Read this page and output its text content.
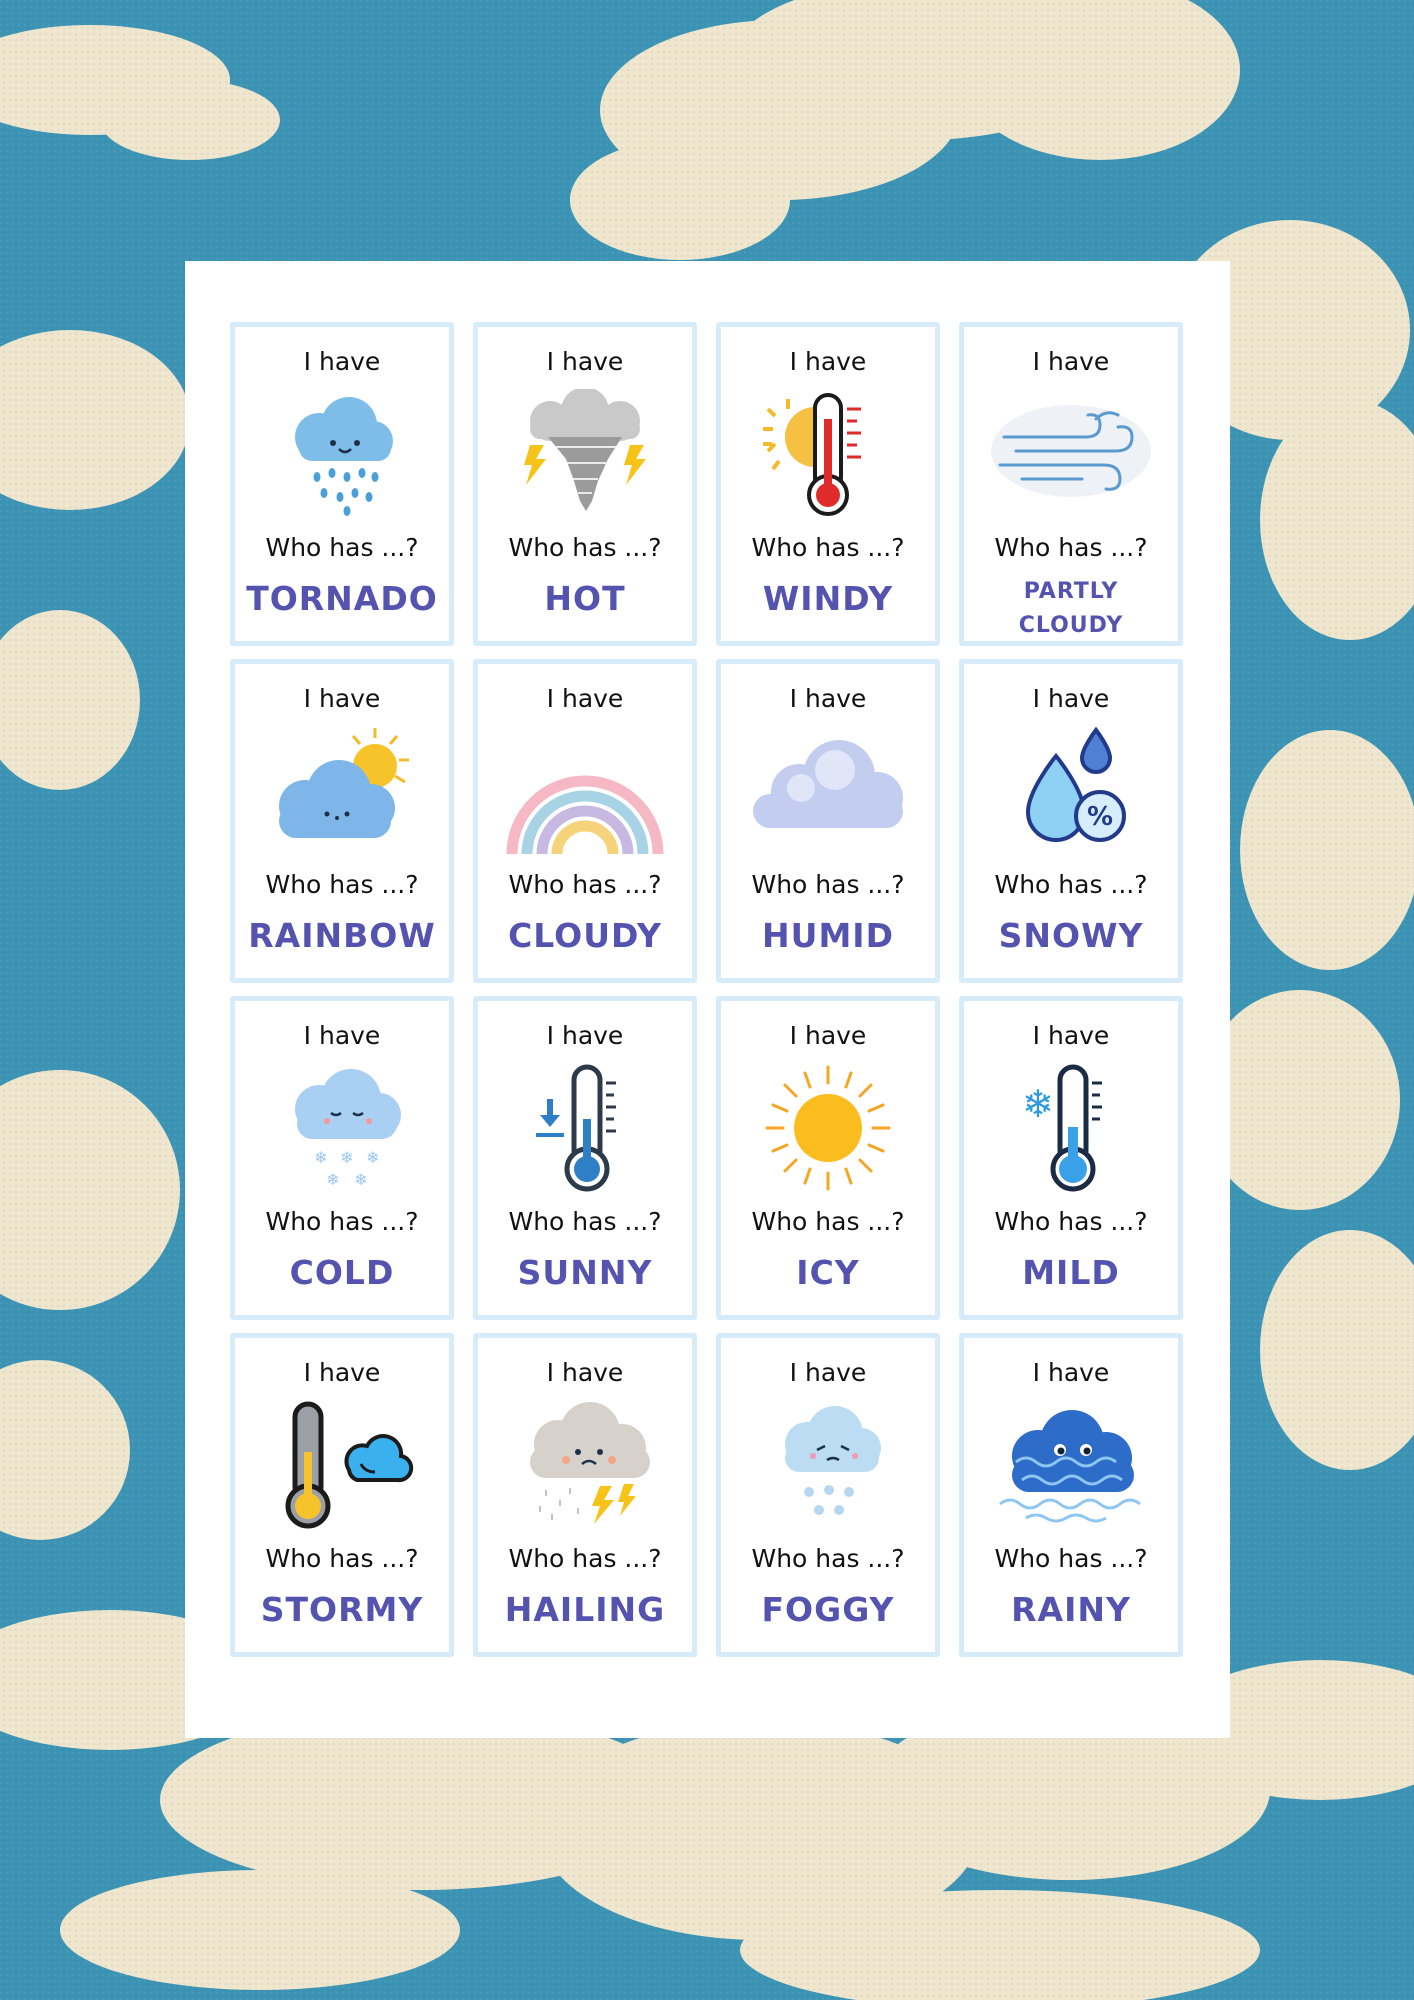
I have
Who has ...?
TORNADO
I have
Who has ...?
HOT
I have
Who has ...?
WINDY
I have
Who has ...?
PARTLY CLOUDY
I have
Who has ...?
RAINBOW
I have
Who has ...?
CLOUDY
I have
Who has ...?
HUMID
I have
%
Who has ...?
SNOWY
I have
❄ ❄ ❄
❄ ❄
Who has ...?
COLD
I have
Who has ...?
SUNNY
I have
Who has ...?
ICY
I have
❄
Who has ...?
MILD
I have
Who has ...?
STORMY
I have
Who has ...?
HAILING
I have
Who has ...?
FOGGY
I have
Who has ...?
RAINY
